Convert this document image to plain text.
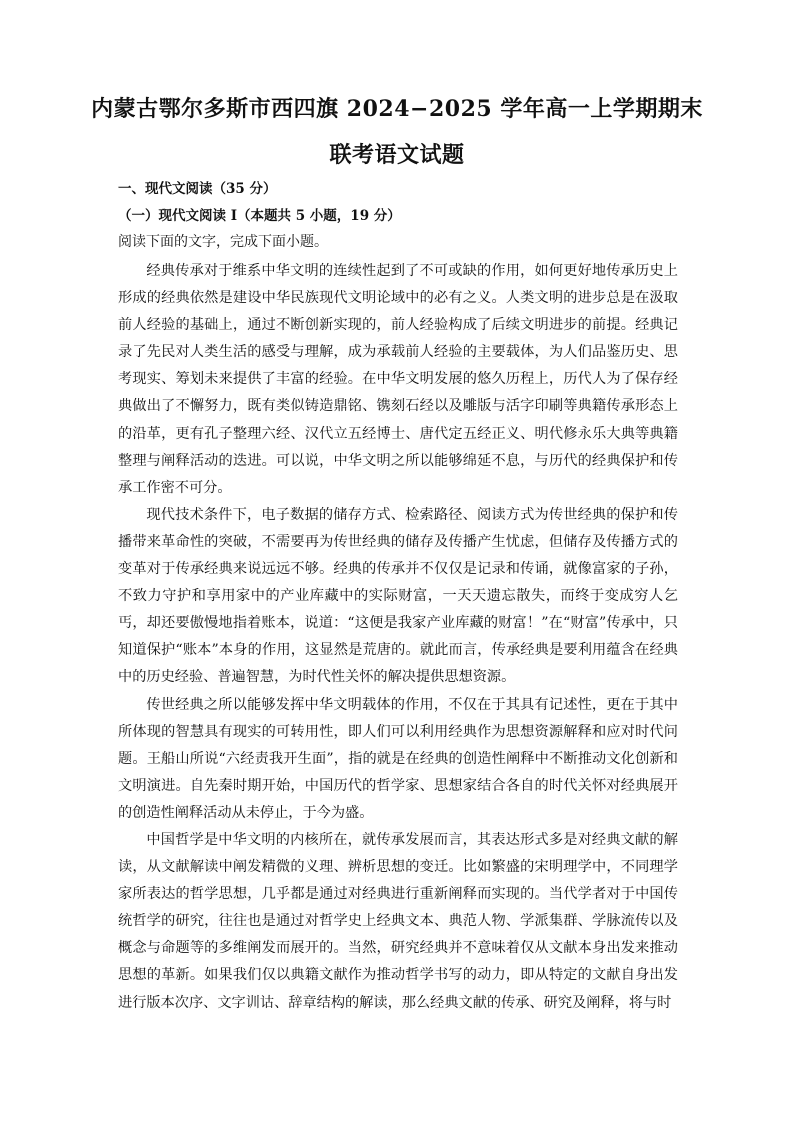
内蒙古鄂尔多斯市西四旗 2024−2025 学年高一上学期期末
联考语文试题
一、现代文阅读（35 分）
（一）现代文阅读 I（本题共 5 小题，19 分）
阅读下面的文字，完成下面小题。

经典传承对于维系中华文明的连续性起到了不可或缺的作用，如何更好地传承历史上形成的经典依然是建设中华民族现代文明论域中的必有之义。人类文明的进步总是在汲取前人经验的基础上，通过不断创新实现的，前人经验构成了后续文明进步的前提。经典记录了先民对人类生活的感受与理解，成为承载前人经验的主要载体，为人们品鉴历史、思考现实、筹划未来提供了丰富的经验。在中华文明发展的悠久历程上，历代人为了保存经典做出了不懈努力，既有类似铸造鼎铭、镌刻石经以及雕版与活字印刷等典籍传承形态上的沿革，更有孔子整理六经、汉代立五经博士、唐代定五经正义、明代修永乐大典等典籍整理与阐释活动的迭进。可以说，中华文明之所以能够绵延不息，与历代的经典保护和传承工作密不可分。

现代技术条件下，电子数据的储存方式、检索路径、阅读方式为传世经典的保护和传播带来革命性的突破，不需要再为传世经典的储存及传播产生忧虑，但储存及传播方式的变革对于传承经典来说远远不够。经典的传承并不仅仅是记录和传诵，就像富家的子孙，不致力守护和享用家中的产业库藏中的实际财富，一天天遗忘散失，而终于变成穷人乞丐，却还要傲慢地指着账本，说道：“这便是我家产业库藏的财富！”在“财富”传承中，只知道保护“账本”本身的作用，这显然是荒唐的。就此而言，传承经典是要利用蕴含在经典中的历史经验、普遍智慧，为时代性关怀的解决提供思想资源。

传世经典之所以能够发挥中华文明载体的作用，不仅在于其具有记述性，更在于其中所体现的智慧具有现实的可转用性，即人们可以利用经典作为思想资源解释和应对时代问题。王船山所说“六经责我开生面”，指的就是在经典的创造性阐释中不断推动文化创新和文明演进。自先秦时期开始，中国历代的哲学家、思想家结合各自的时代关怀对经典展开的创造性阐释活动从未停止，于今为盛。

中国哲学是中华文明的内核所在，就传承发展而言，其表达形式多是对经典文献的解读，从文献解读中阐发精微的义理、辨析思想的变迁。比如繁盛的宋明理学中，不同理学家所表达的哲学思想，几乎都是通过对经典进行重新阐释而实现的。当代学者对于中国传统哲学的研究，往往也是通过对哲学史上经典文本、典范人物、学派集群、学脉流传以及概念与命题等的多维阐发而展开的。当然，研究经典并不意味着仅从文献本身出发来推动思想的革新。如果我们仅以典籍文献作为推动哲学书写的动力，即从特定的文献自身出发进行版本次序、文字训诂、辞章结构的解读，那么经典文献的传承、研究及阐释，将与时
